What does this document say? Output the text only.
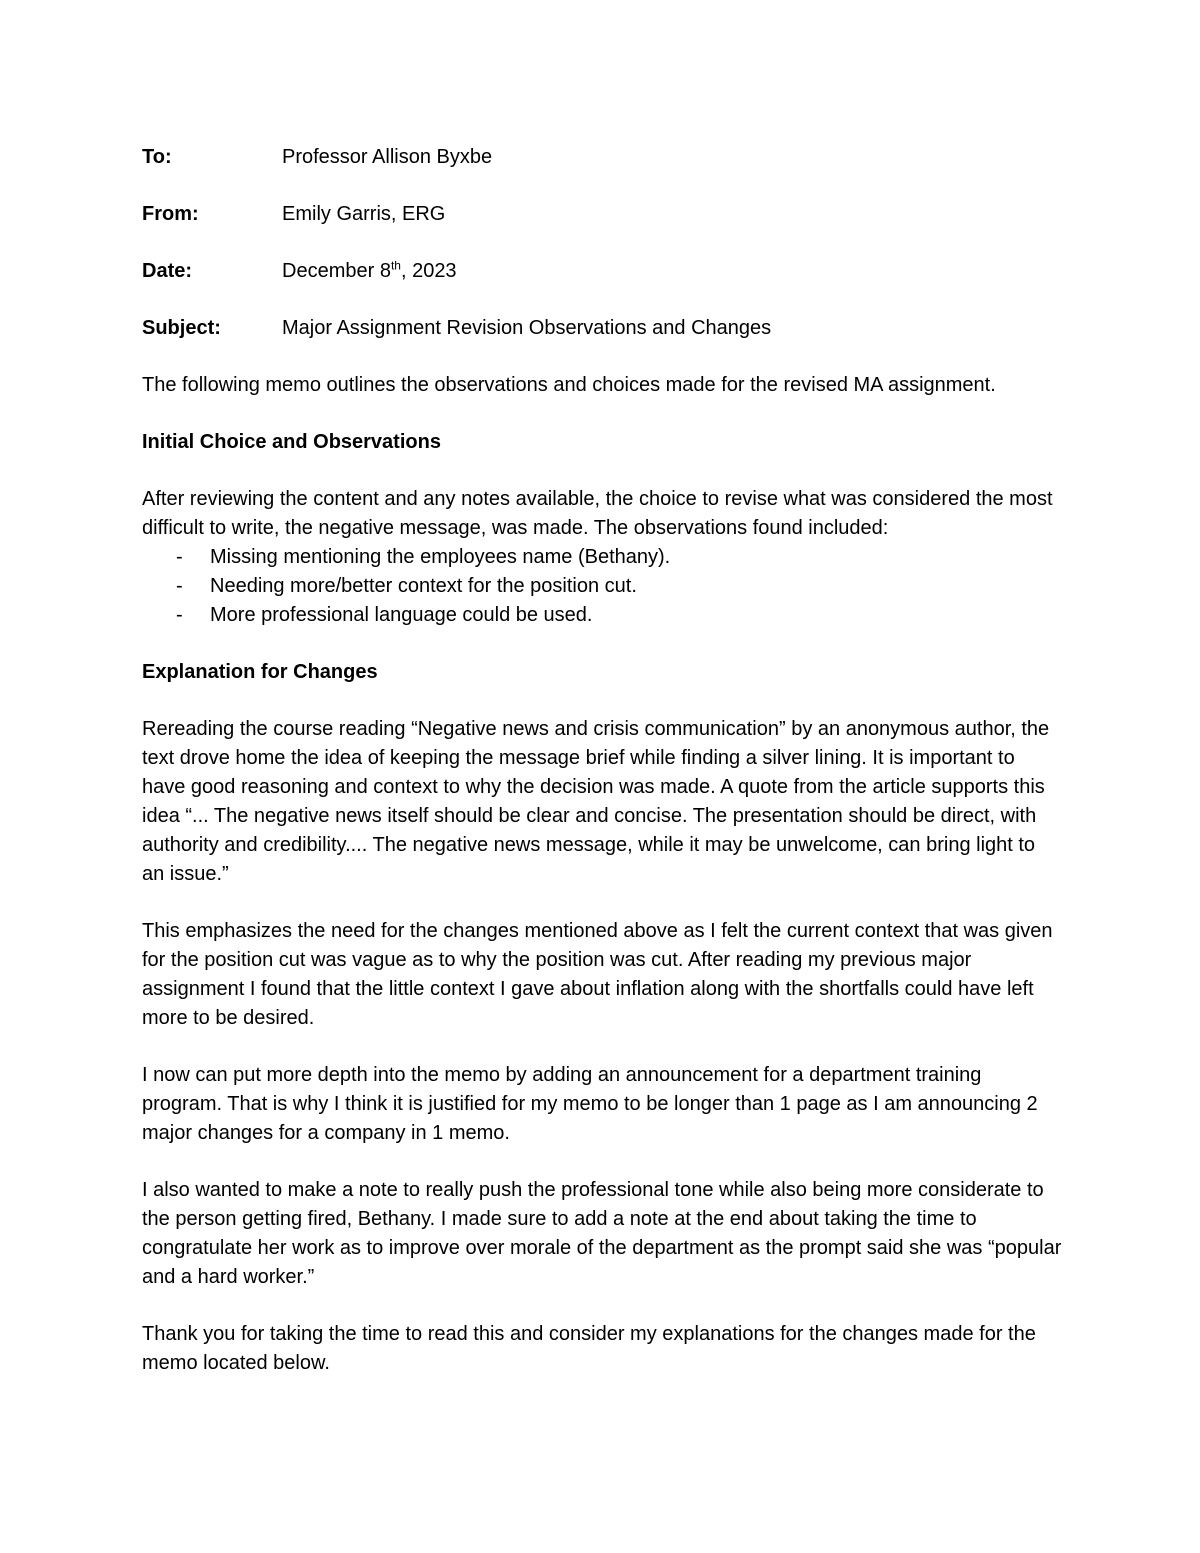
To:	Professor Allison Byxbe
From:	Emily Garris, ERG
Date:	December 8th, 2023
Subject:	Major Assignment Revision Observations and Changes

The following memo outlines the observations and choices made for the revised MA assignment.

Initial Choice and Observations

After reviewing the content and any notes available, the choice to revise what was considered the most difficult to write, the negative message, was made. The observations found included:

-	Missing mentioning the employees name (Bethany).
-	Needing more/better context for the position cut.
-	More professional language could be used.
Explanation for Changes

Rereading the course reading “Negative news and crisis communication” by an anonymous author, the text drove home the idea of keeping the message brief while finding a silver lining. It is important to have good reasoning and context to why the decision was made. A quote from the article supports this idea “... The negative news itself should be clear and concise. The presentation should be direct, with authority and credibility.... The negative news message, while it may be unwelcome, can bring light to an issue.”

This emphasizes the need for the changes mentioned above as I felt the current context that was given for the position cut was vague as to why the position was cut. After reading my previous major assignment I found that the little context I gave about inflation along with the shortfalls could have left more to be desired.

I now can put more depth into the memo by adding an announcement for a department training program. That is why I think it is justified for my memo to be longer than 1 page as I am announcing 2 major changes for a company in 1 memo.

I also wanted to make a note to really push the professional tone while also being more considerate to the person getting fired, Bethany. I made sure to add a note at the end about taking the time to congratulate her work as to improve over morale of the department as the prompt said she was “popular and a hard worker.”

Thank you for taking the time to read this and consider my explanations for the changes made for the memo located below.
